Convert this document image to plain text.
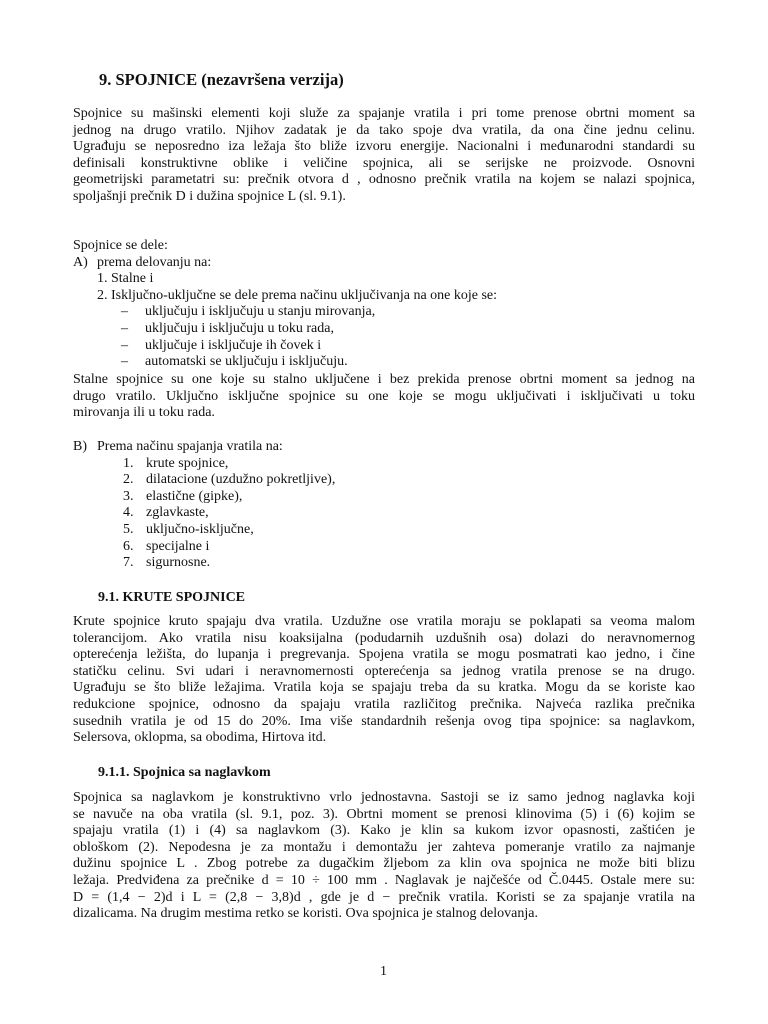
9. SPOJNICE (nezavršena verzija)
Spojnice su mašinski elementi koji služe za spajanje vratila i pri tome prenose obrtni moment sa
jednog na drugo vratilo. Njihov zadatak je da tako spoje dva vratila, da ona čine jednu celinu.
Ugrađuju se neposredno iza ležaja što bliže izvoru energije. Nacionalni i međunarodni standardi su
definisali konstruktivne oblike i veličine spojnica, ali se serijske ne proizvode. Osnovni
geometrijski parametatri su: prečnik otvora d , odnosno prečnik vratila na kojem se nalazi spojnica,
spoljašnji prečnik D i dužina spojnice L (sl. 9.1).
Spojnice se dele:
A) prema delovanju na:
1. Stalne i
2. Isključno-uključne se dele prema načinu uključivanja na one koje se:
– uključuju i isključuju u stanju mirovanja,
– uključuju i isključuju u toku rada,
– uključuje i isključuje ih čovek i
– automatski se uključuju i isključuju.
Stalne spojnice su one koje su stalno uključene i bez prekida prenose obrtni moment sa jednog na
drugo vratilo. Uključno isključne spojnice su one koje se mogu uključivati i isključivati u toku
mirovanja ili u toku rada.
B) Prema načinu spajanja vratila na:
1. krute spojnice,
2. dilatacione (uzdužno pokretljive),
3. elastične (gipke),
4. zglavkaste,
5. uključno-isključne,
6. specijalne i
7. sigurnosne.
9.1. KRUTE SPOJNICE
Krute spojnice kruto spajaju dva vratila. Uzdužne ose vratila moraju se poklapati sa veoma malom
tolerancijom. Ako vratila nisu koaksijalna (podudarnih uzdušnih osa) dolazi do neravnomernog
opterećenja ležišta, do lupanja i pregrevanja. Spojena vratila se mogu posmatrati kao jedno, i čine
statičku celinu. Svi udari i neravnomernosti opterećenja sa jednog vratila prenose se na drugo.
Ugrađuju se što bliže ležajima. Vratila koja se spajaju treba da su kratka. Mogu da se koriste kao
redukcione spojnice, odnosno da spajaju vratila različitog prečnika. Najveća razlika prečnika
susednih vratila je od 15 do 20%. Ima više standardnih rešenja ovog tipa spojnice: sa naglavkom,
Selersova, oklopma, sa obodima, Hirtova itd.
9.1.1. Spojnica sa naglavkom
Spojnica sa naglavkom je konstruktivno vrlo jednostavna. Sastoji se iz samo jednog naglavka koji
se navuče na oba vratila (sl. 9.1, poz. 3). Obrtni moment se prenosi klinovima (5) i (6) kojim se
spajaju vratila (1) i (4) sa naglavkom (3). Kako je klin sa kukom izvor opasnosti, zaštićen je
obloškom (2). Nepodesna je za montažu i demontažu jer zahteva pomeranje vratilo za najmanje
dužinu spojnice L . Zbog potrebe za dugačkim žljebom za klin ova spojnica ne može biti blizu
ležaja. Predviđena za prečnike d = 10 ÷ 100 mm . Naglavak je najčešće od Č.0445. Ostale mere su:
D = (1,4 − 2)d i L = (2,8 − 3,8)d , gde je d − prečnik vratila. Koristi se za spajanje vratila na
dizalicama. Na drugim mestima retko se koristi. Ova spojnica je stalnog delovanja.
1
